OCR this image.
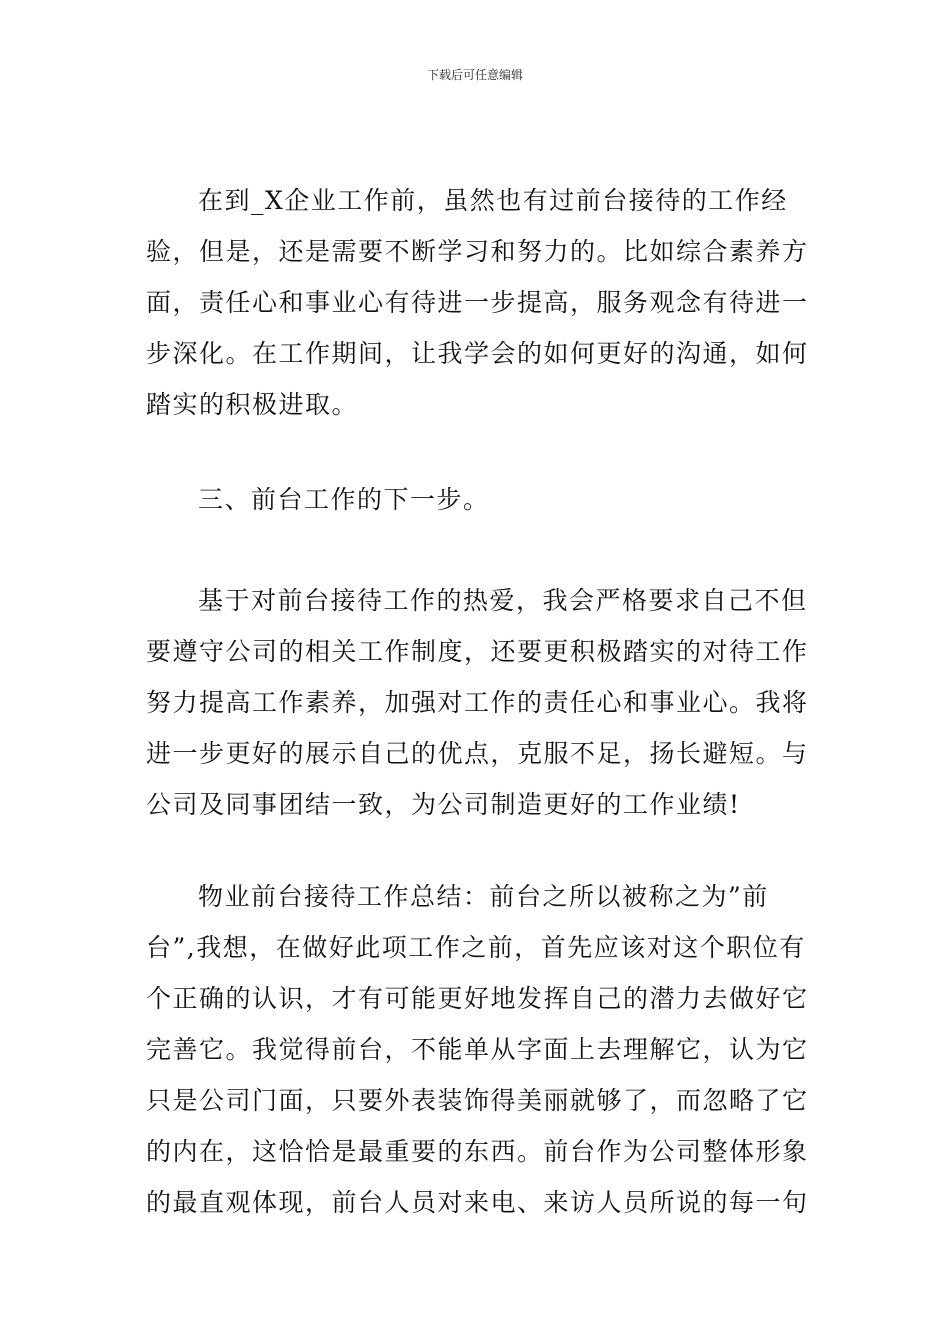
下载后可任意编辑

在到_X企业工作前，虽然也有过前台接待的工作经验，但是，还是需要不断学习和努力的。比如综合素养方面，责任心和事业心有待进一步提高，服务观念有待进一步深化。在工作期间，让我学会的如何更好的沟通，如何踏实的积极进取。

三、前台工作的下一步。

基于对前台接待工作的热爱，我会严格要求自己不但要遵守公司的相关工作制度，还要更积极踏实的对待工作努力提高工作素养，加强对工作的责任心和事业心。我将进一步更好的展示自己的优点，克服不足，扬长避短。与公司及同事团结一致，为公司制造更好的工作业绩!

物业前台接待工作总结：前台之所以被称之为”前台”,我想，在做好此项工作之前，首先应该对这个职位有个正确的认识，才有可能更好地发挥自己的潜力去做好它完善它。我觉得前台，不能单从字面上去理解它，认为它只是公司门面，只要外表装饰得美丽就够了，而忽略了它的内在，这恰恰是最重要的东西。前台作为公司整体形象的最直观体现，前台人员对来电、来访人员所说的每一句
